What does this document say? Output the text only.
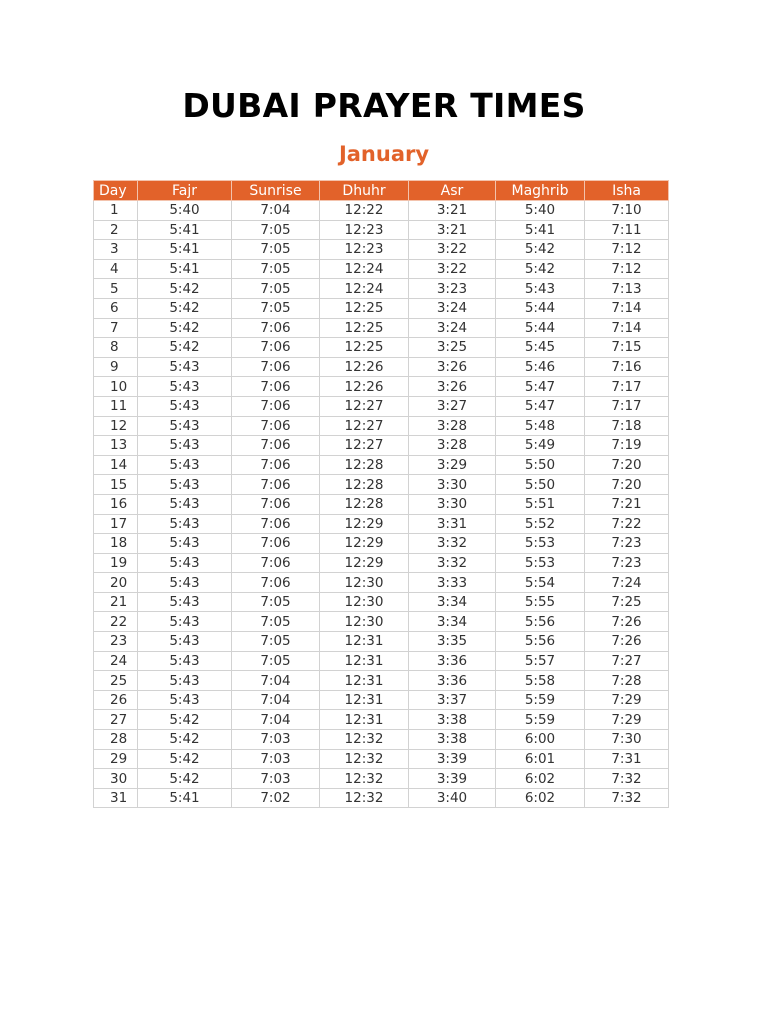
DUBAI PRAYER TIMES
January
Day	Fajr	Sunrise	Dhuhr	Asr	Maghrib	Isha
1	5:40	7:04	12:22	3:21	5:40	7:10
2	5:41	7:05	12:23	3:21	5:41	7:11
3	5:41	7:05	12:23	3:22	5:42	7:12
4	5:41	7:05	12:24	3:22	5:42	7:12
5	5:42	7:05	12:24	3:23	5:43	7:13
6	5:42	7:05	12:25	3:24	5:44	7:14
7	5:42	7:06	12:25	3:24	5:44	7:14
8	5:42	7:06	12:25	3:25	5:45	7:15
9	5:43	7:06	12:26	3:26	5:46	7:16
10	5:43	7:06	12:26	3:26	5:47	7:17
11	5:43	7:06	12:27	3:27	5:47	7:17
12	5:43	7:06	12:27	3:28	5:48	7:18
13	5:43	7:06	12:27	3:28	5:49	7:19
14	5:43	7:06	12:28	3:29	5:50	7:20
15	5:43	7:06	12:28	3:30	5:50	7:20
16	5:43	7:06	12:28	3:30	5:51	7:21
17	5:43	7:06	12:29	3:31	5:52	7:22
18	5:43	7:06	12:29	3:32	5:53	7:23
19	5:43	7:06	12:29	3:32	5:53	7:23
20	5:43	7:06	12:30	3:33	5:54	7:24
21	5:43	7:05	12:30	3:34	5:55	7:25
22	5:43	7:05	12:30	3:34	5:56	7:26
23	5:43	7:05	12:31	3:35	5:56	7:26
24	5:43	7:05	12:31	3:36	5:57	7:27
25	5:43	7:04	12:31	3:36	5:58	7:28
26	5:43	7:04	12:31	3:37	5:59	7:29
27	5:42	7:04	12:31	3:38	5:59	7:29
28	5:42	7:03	12:32	3:38	6:00	7:30
29	5:42	7:03	12:32	3:39	6:01	7:31
30	5:42	7:03	12:32	3:39	6:02	7:32
31	5:41	7:02	12:32	3:40	6:02	7:32
